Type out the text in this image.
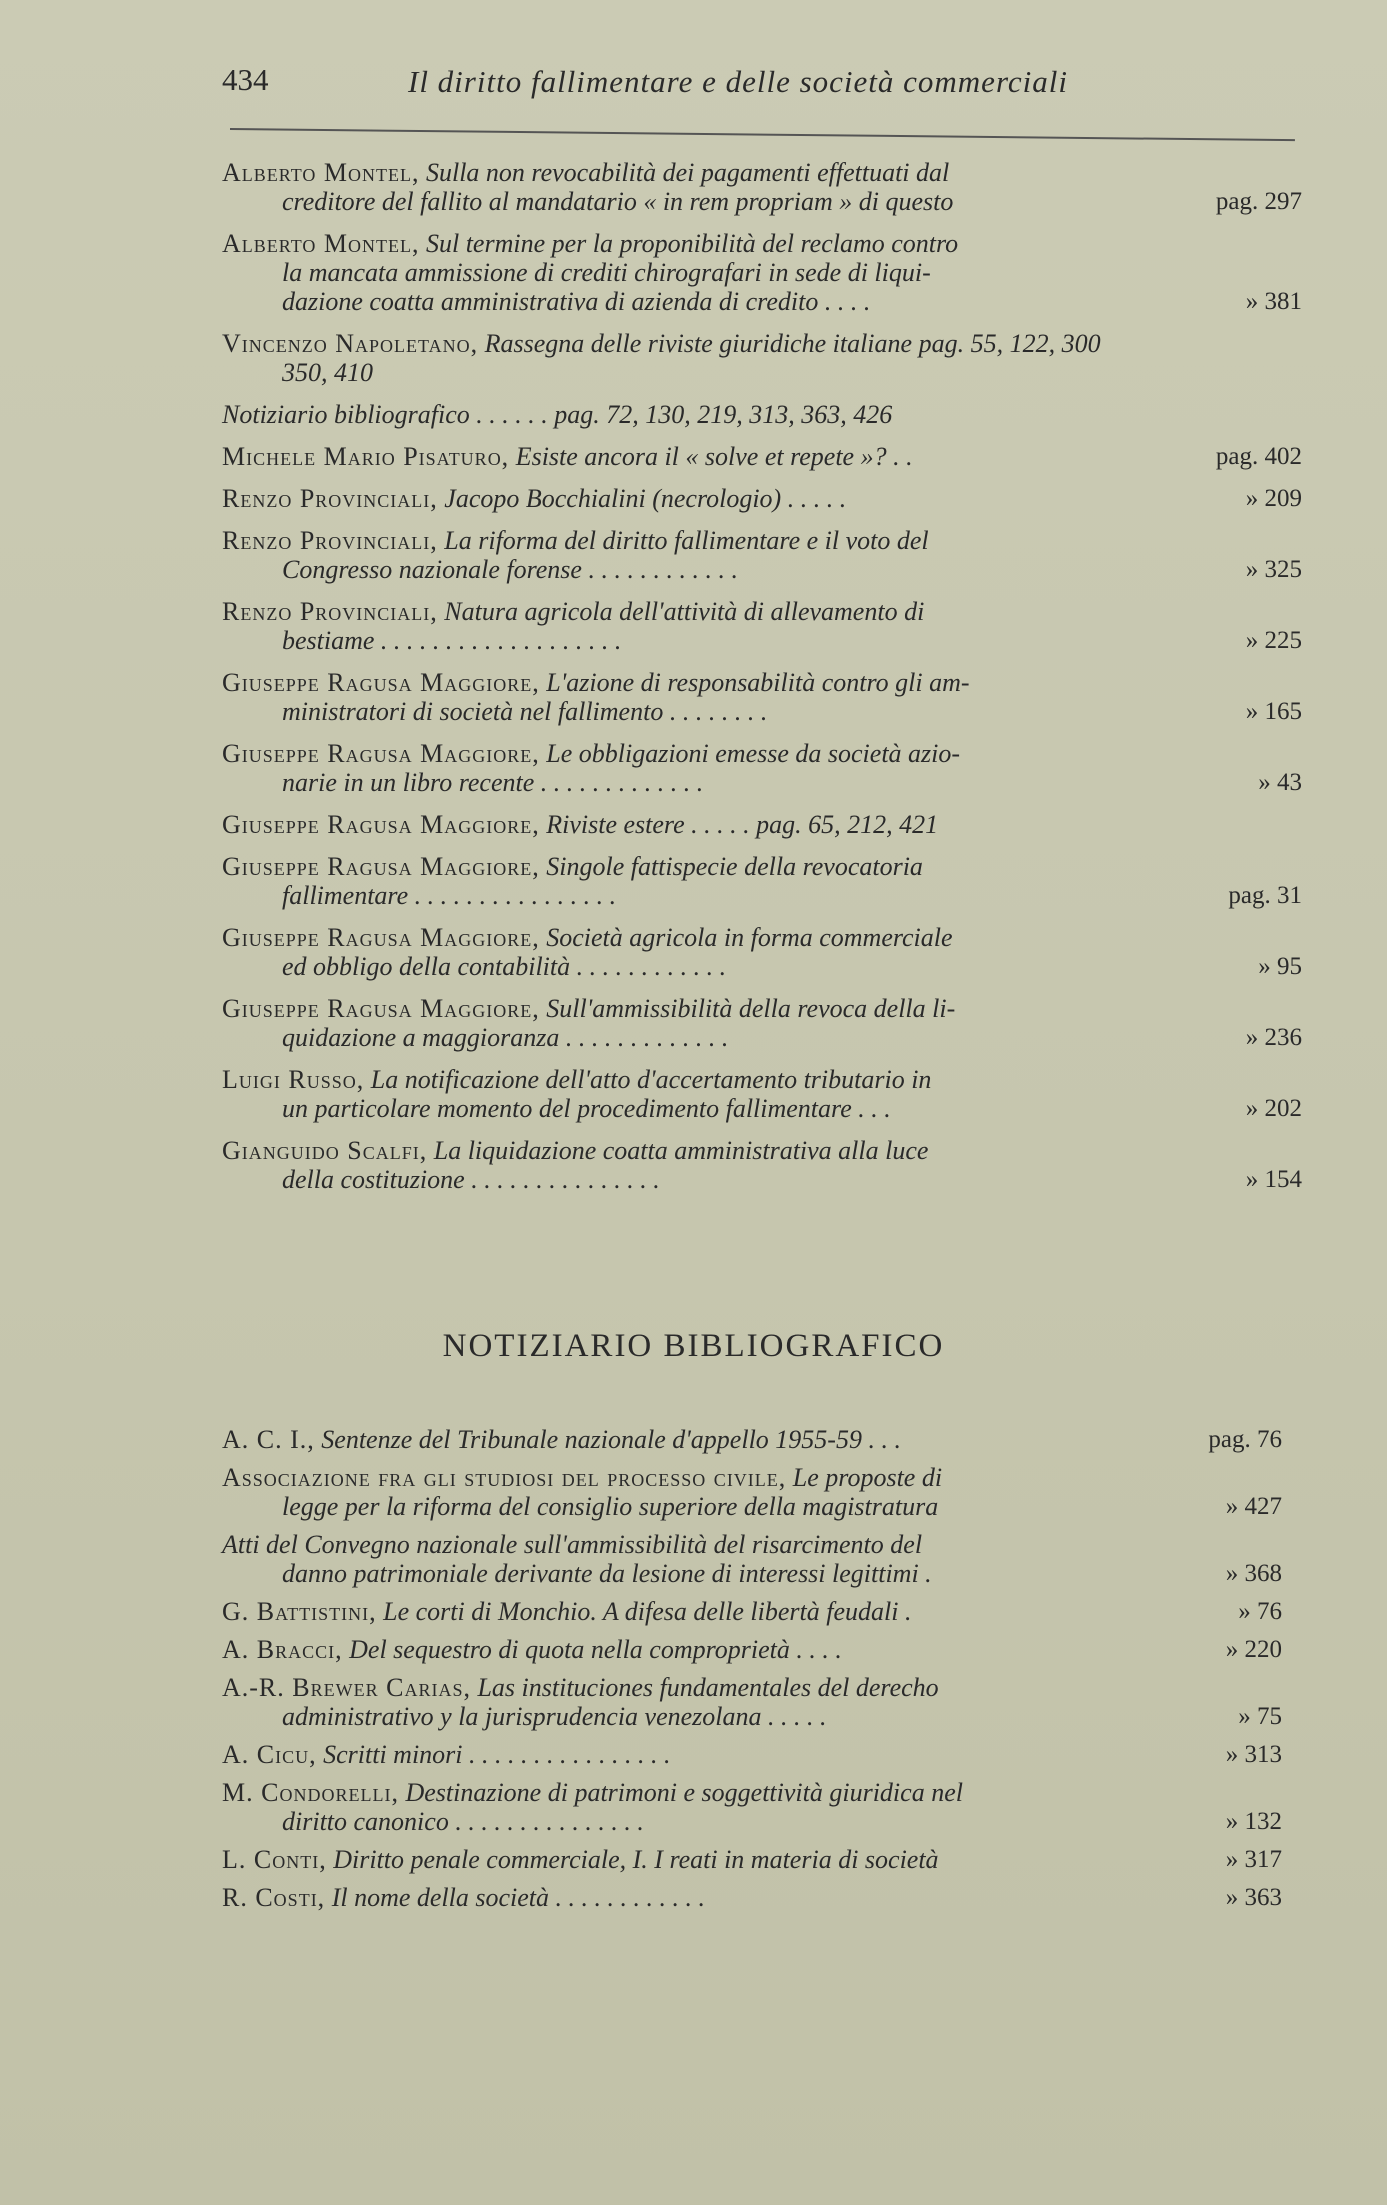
434	Il diritto fallimentare e delle società commerciali
Alberto Montel, Sulla non revocabilità dei pagamenti effettuati dal
creditore del fallito al mandatario « in rem propriam » di questo	pag. 297
Alberto Montel, Sul termine per la proponibilità del reclamo contro
la mancata ammissione di crediti chirografari in sede di liqui-
dazione coatta amministrativa di azienda di credito . . . .	» 381
Vincenzo Napoletano, Rassegna delle riviste giuridiche italiane pag. 55, 122, 300
350, 410
Notiziario bibliografico . . . . . . pag. 72, 130, 219, 313, 363, 426
Michele Mario Pisaturo, Esiste ancora il « solve et repete »? . .	pag. 402
Renzo Provinciali, Jacopo Bocchialini (necrologio) . . . . .	» 209
Renzo Provinciali, La riforma del diritto fallimentare e il voto del
Congresso nazionale forense . . . . . . . . . . . .	» 325
Renzo Provinciali, Natura agricola dell'attività di allevamento di
bestiame . . . . . . . . . . . . . . . . . . .	» 225
Giuseppe Ragusa Maggiore, L'azione di responsabilità contro gli am-
ministratori di società nel fallimento . . . . . . . .	» 165
Giuseppe Ragusa Maggiore, Le obbligazioni emesse da società azio-
narie in un libro recente . . . . . . . . . . . . .	» 43
Giuseppe Ragusa Maggiore, Riviste estere . . . . . pag. 65, 212, 421
Giuseppe Ragusa Maggiore, Singole fattispecie della revocatoria
fallimentare . . . . . . . . . . . . . . . .	pag. 31
Giuseppe Ragusa Maggiore, Società agricola in forma commerciale
ed obbligo della contabilità . . . . . . . . . . . .	» 95
Giuseppe Ragusa Maggiore, Sull'ammissibilità della revoca della li-
quidazione a maggioranza . . . . . . . . . . . . .	» 236
Luigi Russo, La notificazione dell'atto d'accertamento tributario in
un particolare momento del procedimento fallimentare . . .	» 202
Gianguido Scalfi, La liquidazione coatta amministrativa alla luce
della costituzione . . . . . . . . . . . . . . .	» 154
NOTIZIARIO BIBLIOGRAFICO
A. C. I., Sentenze del Tribunale nazionale d'appello 1955-59 . . .	pag. 76
Associazione fra gli studiosi del processo civile, Le proposte di
legge per la riforma del consiglio superiore della magistratura	» 427
Atti del Convegno nazionale sull'ammissibilità del risarcimento del
danno patrimoniale derivante da lesione di interessi legittimi .	» 368
G. Battistini, Le corti di Monchio. A difesa delle libertà feudali .	» 76
A. Bracci, Del sequestro di quota nella comproprietà . . . .	» 220
A.-R. Brewer Carias, Las instituciones fundamentales del derecho
administrativo y la jurisprudencia venezolana . . . . .	» 75
A. Cicu, Scritti minori . . . . . . . . . . . . . . . .	» 313
M. Condorelli, Destinazione di patrimoni e soggettività giuridica nel
diritto canonico . . . . . . . . . . . . . . .	» 132
L. Conti, Diritto penale commerciale, I. I reati in materia di società	» 317
R. Costi, Il nome della società . . . . . . . . . . . .	» 363
